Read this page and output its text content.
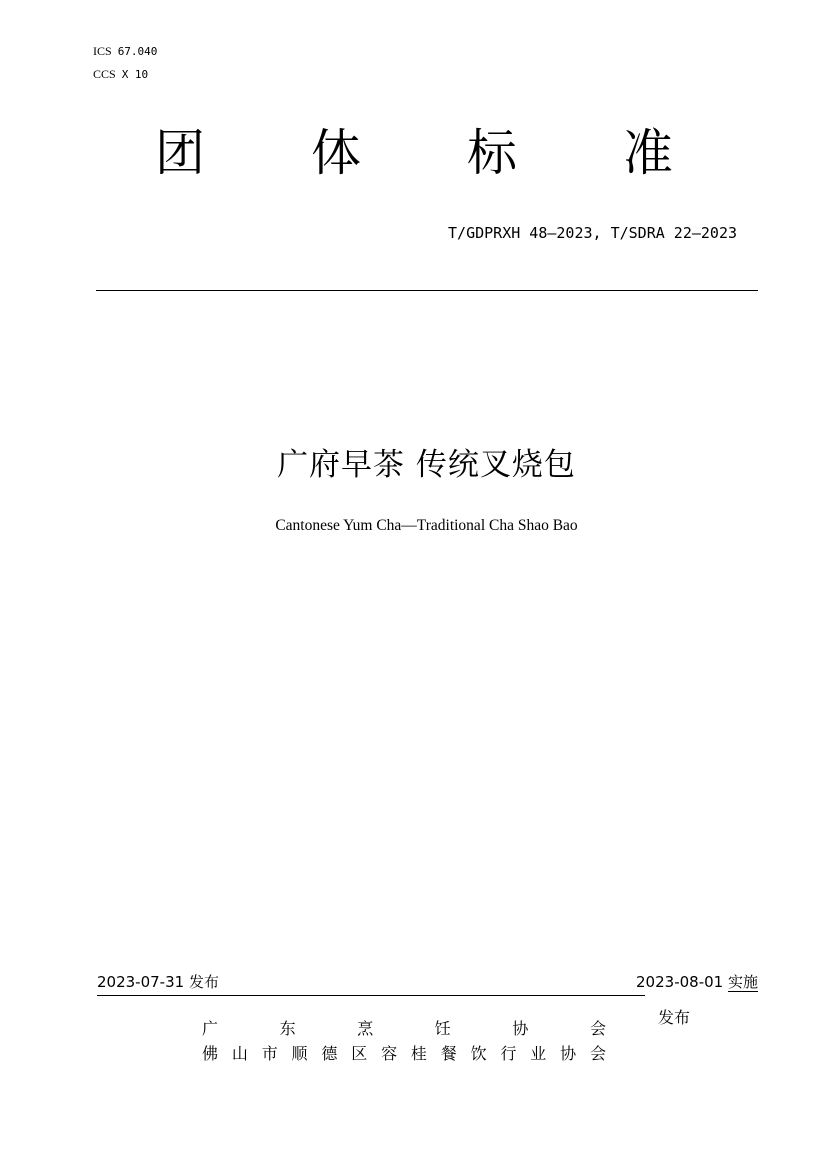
ICS 67.040
CCS X 10
团 体 标 准
T/GDPRXH 48—2023, T/SDRA 22—2023
广府早茶 传统叉烧包
Cantonese Yum Cha—Traditional Cha Shao Bao
2023-07-31 发布	2023-08-01 实施
广	东	烹	饪	协	会
佛 山 市 顺 德 区 容 桂 餐 饮 行 业 协 会
发布
